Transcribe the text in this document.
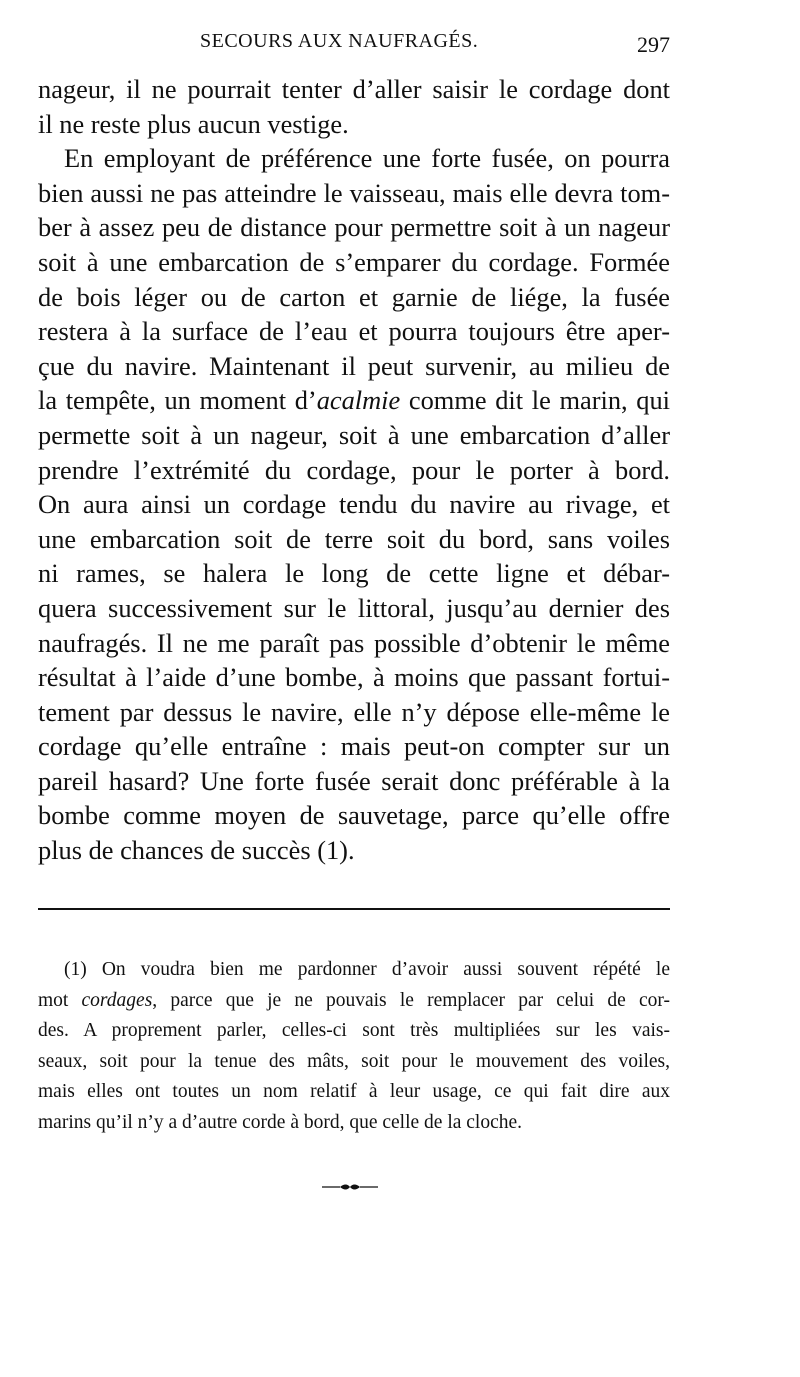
SECOURS AUX NAUFRAGÉS.	297
nageur, il ne pourrait tenter d’aller saisir le cordage dont
il ne reste plus aucun vestige.
En employant de préférence une forte fusée, on pourra
bien aussi ne pas atteindre le vaisseau, mais elle devra tom-
ber à assez peu de distance pour permettre soit à un nageur
soit à une embarcation de s’emparer du cordage. Formée
de bois léger ou de carton et garnie de liége, la fusée
restera à la surface de l’eau et pourra toujours être aper-
çue du navire. Maintenant il peut survenir, au milieu de
la tempête, un moment d’acalmie comme dit le marin, qui
permette soit à un nageur, soit à une embarcation d’aller
prendre l’extrémité du cordage, pour le porter à bord.
On aura ainsi un cordage tendu du navire au rivage, et
une embarcation soit de terre soit du bord, sans voiles
ni rames, se halera le long de cette ligne et débar-
quera successivement sur le littoral, jusqu’au dernier des
naufragés. Il ne me paraît pas possible d’obtenir le même
résultat à l’aide d’une bombe, à moins que passant fortui-
tement par dessus le navire, elle n’y dépose elle-même le
cordage qu’elle entraîne : mais peut-on compter sur un
pareil hasard? Une forte fusée serait donc préférable à la
bombe comme moyen de sauvetage, parce qu’elle offre
plus de chances de succès (1).
(1) On voudra bien me pardonner d’avoir aussi souvent répété le
mot cordages, parce que je ne pouvais le remplacer par celui de cor-
des. A proprement parler, celles-ci sont très multipliées sur les vais-
seaux, soit pour la tenue des mâts, soit pour le mouvement des voiles,
mais elles ont toutes un nom relatif à leur usage, ce qui fait dire aux
marins qu’il n’y a d’autre corde à bord, que celle de la cloche.
